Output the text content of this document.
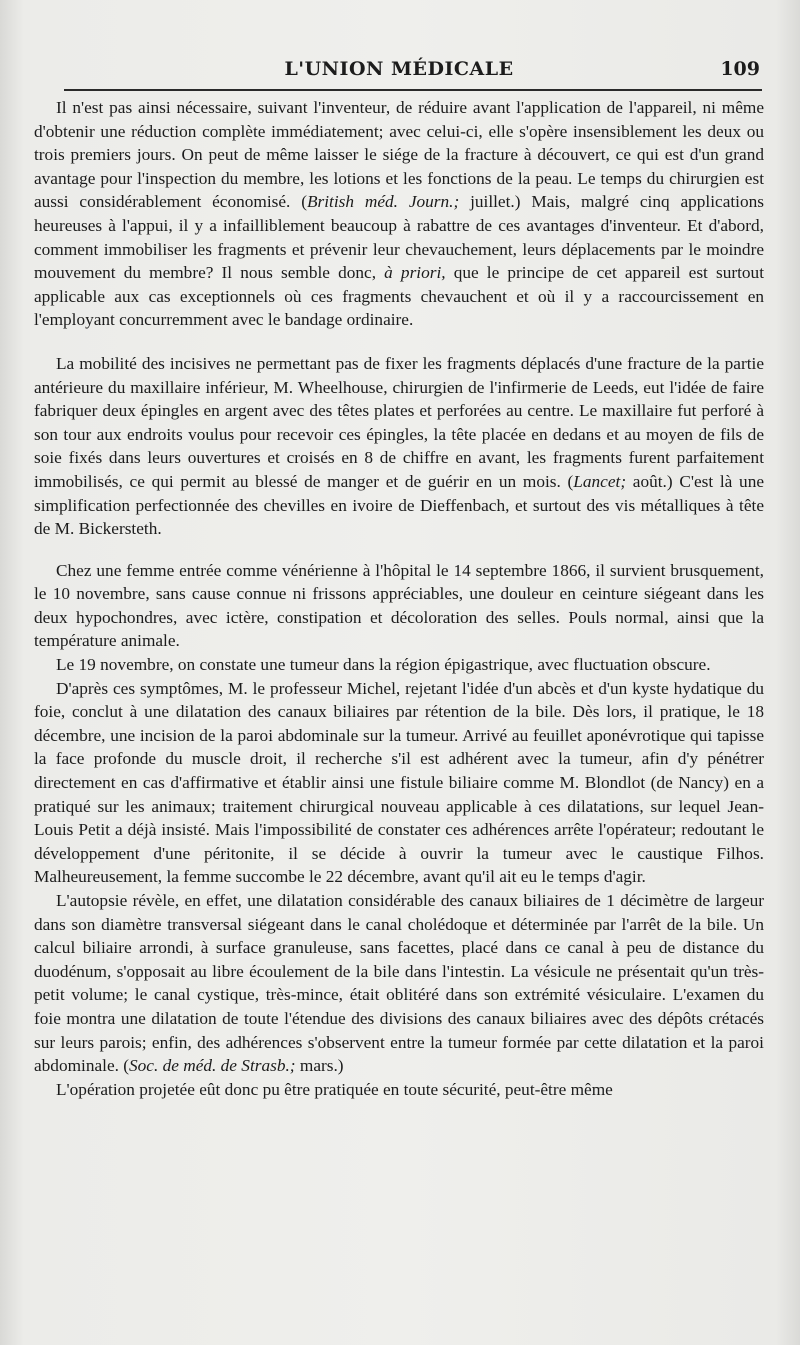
L'UNION MÉDICALE	109

Il n'est pas ainsi nécessaire, suivant l'inventeur, de réduire avant l'application de l'appareil, ni même d'obtenir une réduction complète immédiatement; avec celui-ci, elle s'opère insensiblement les deux ou trois premiers jours. On peut de même laisser le siége de la fracture à découvert, ce qui est d'un grand avantage pour l'inspection du membre, les lotions et les fonctions de la peau. Le temps du chirurgien est aussi considérablement économisé. (British méd. Journ.; juillet.) Mais, malgré cinq applications heureuses à l'appui, il y a infailliblement beaucoup à rabattre de ces avantages d'inventeur. Et d'abord, comment immobiliser les fragments et prévenir leur chevauchement, leurs déplacements par le moindre mouvement du membre? Il nous semble donc, à priori, que le principe de cet appareil est surtout applicable aux cas exceptionnels où ces fragments chevauchent et où il y a raccourcissement en l'employant concurremment avec le bandage ordinaire.

La mobilité des incisives ne permettant pas de fixer les fragments déplacés d'une fracture de la partie antérieure du maxillaire inférieur, M. Wheelhouse, chirurgien de l'infirmerie de Leeds, eut l'idée de faire fabriquer deux épingles en argent avec des têtes plates et perforées au centre. Le maxillaire fut perforé à son tour aux endroits voulus pour recevoir ces épingles, la tête placée en dedans et au moyen de fils de soie fixés dans leurs ouvertures et croisés en 8 de chiffre en avant, les fragments furent parfaitement immobilisés, ce qui permit au blessé de manger et de guérir en un mois. (Lancet; août.) C'est là une simplification perfectionnée des chevilles en ivoire de Dieffenbach, et surtout des vis métalliques à tête de M. Bickersteth.

Chez une femme entrée comme vénérienne à l'hôpital le 14 septembre 1866, il survient brusquement, le 10 novembre, sans cause connue ni frissons appréciables, une douleur en ceinture siégeant dans les deux hypochondres, avec ictère, constipation et décoloration des selles. Pouls normal, ainsi que la température animale.

Le 19 novembre, on constate une tumeur dans la région épigastrique, avec fluctuation obscure.

D'après ces symptômes, M. le professeur Michel, rejetant l'idée d'un abcès et d'un kyste hydatique du foie, conclut à une dilatation des canaux biliaires par rétention de la bile. Dès lors, il pratique, le 18 décembre, une incision de la paroi abdominale sur la tumeur. Arrivé au feuillet aponévrotique qui tapisse la face profonde du muscle droit, il recherche s'il est adhérent avec la tumeur, afin d'y pénétrer directement en cas d'affirmative et établir ainsi une fistule biliaire comme M. Blondlot (de Nancy) en a pratiqué sur les animaux; traitement chirurgical nouveau applicable à ces dilatations, sur lequel Jean-Louis Petit a déjà insisté. Mais l'impossibilité de constater ces adhérences arrête l'opérateur; redoutant le développement d'une péritonite, il se décide à ouvrir la tumeur avec le caustique Filhos. Malheureusement, la femme succombe le 22 décembre, avant qu'il ait eu le temps d'agir.

L'autopsie révèle, en effet, une dilatation considérable des canaux biliaires de 1 décimètre de largeur dans son diamètre transversal siégeant dans le canal cholédoque et déterminée par l'arrêt de la bile. Un calcul biliaire arrondi, à surface granuleuse, sans facettes, placé dans ce canal à peu de distance du duodénum, s'opposait au libre écoulement de la bile dans l'intestin. La vésicule ne présentait qu'un très-petit volume; le canal cystique, très-mince, était oblitéré dans son extrémité vésiculaire. L'examen du foie montra une dilatation de toute l'étendue des divisions des canaux biliaires avec des dépôts crétacés sur leurs parois; enfin, des adhérences s'observent entre la tumeur formée par cette dilatation et la paroi abdominale. (Soc. de méd. de Strasb.; mars.)

L'opération projetée eût donc pu être pratiquée en toute sécurité, peut-être même
